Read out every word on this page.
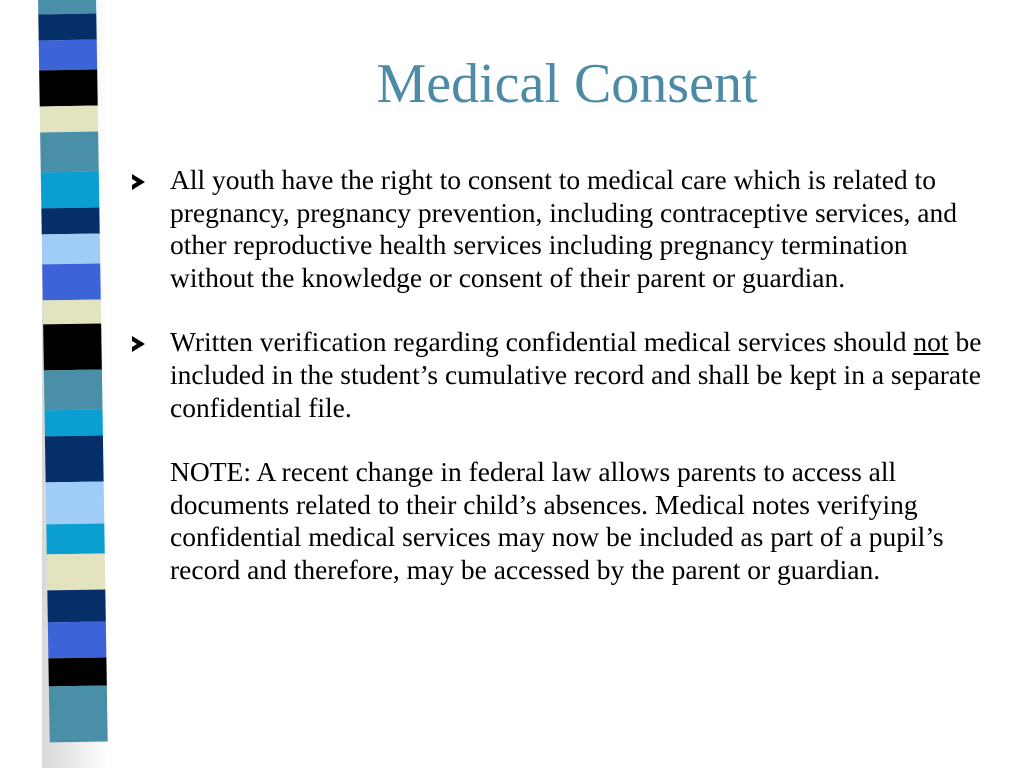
Medical Consent
All youth have the right to consent to medical care which is related to pregnancy, pregnancy prevention, including contraceptive services, and other reproductive health services including pregnancy termination without the knowledge or consent of their parent or guardian.
Written verification regarding confidential medical services should not be included in the student’s cumulative record and shall be kept in a separate confidential file.
NOTE: A recent change in federal law allows parents to access all documents related to their child’s absences. Medical notes verifying confidential medical services may now be included as part of a pupil’s record and therefore, may be accessed by the parent or guardian.
